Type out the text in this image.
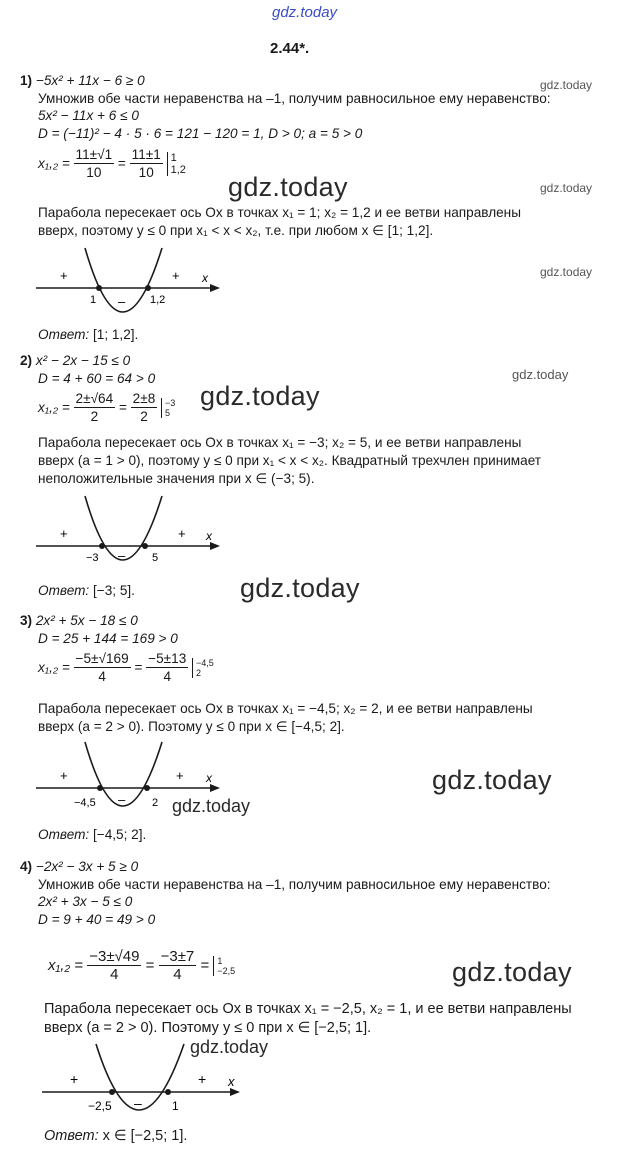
gdz.today
gdz.today
gdz.today
gdz.today
gdz.today
gdz.today
gdz.today
gdz.today
gdz.today
gdz.today
gdz.today
gdz.today
2.44*.
1) −5x² + 11x − 6 ≥ 0
Умножив обе части неравенства на –1, получим равносильное ему неравенство:
5x² − 11x + 6 ≤ 0
D = (−11)² − 4 · 5 · 6 = 121 − 120 = 1, D > 0; a = 5 > 0
$x_1,_2 = \frac{11\pm√1}{10} = \frac{11\pm 1}{10}$
1
1,2
Парабола пересекает ось Ox в точках x₁ = 1; x₂ = 1,2 и ее ветви направлены
вверх, поэтому y ≤ 0 при x₁ < x < x₂, т.е. при любом x ∈ [1; 1,2].
+	+
–
x
1	1,2
Ответ: [1; 1,2].
2) x² − 2x − 15 ≤ 0
D = 4 + 60 = 64 > 0
$x_1,_2 = \frac{2\pm√64}{2} = \frac{2\pm 8}{2}$
−3
5
Парабола пересекает ось Ox в точках x₁ = −3; x₂ = 5, и ее ветви направлены
вверх (a = 1 > 0), поэтому y ≤ 0 при x₁ < x < x₂. Квадратный трехчлен принимает
неположительные значения при x ∈ (−3; 5).
+	+
–
x
−3	5
Ответ: [−3; 5].
3) 2x² + 5x − 18 ≤ 0
D = 25 + 144 = 169 > 0
$x_1,_2 = \frac{-5\pm√169}{4} = \frac{-5\pm 13}{4}$
−4,5
2
Парабола пересекает ось Ox в точках x₁ = −4,5; x₂ = 2, и ее ветви направлены
вверх (a = 2 > 0). Поэтому y ≤ 0 при x ∈ [−4,5; 2].
+	+
–
x
−4,5	2
Ответ: [−4,5; 2].
4) −2x² − 3x + 5 ≥ 0
Умножив обе части неравенства на –1, получим равносильное ему неравенство:
2x² + 3x − 5 ≤ 0
D = 9 + 40 = 49 > 0
$x_1,_2 = \frac{-3\pm√49}{4} = \frac{-3\pm 7}{4} = 1$
−2,5
Парабола пересекает ось Ox в точках x₁ = −2,5, x₂ = 1, и ее ветви направлены
вверх (a = 2 > 0). Поэтому y ≤ 0 при x ∈ [−2,5; 1].
+	+
–
x
−2,5	1
Ответ: x ∈ [−2,5; 1].
